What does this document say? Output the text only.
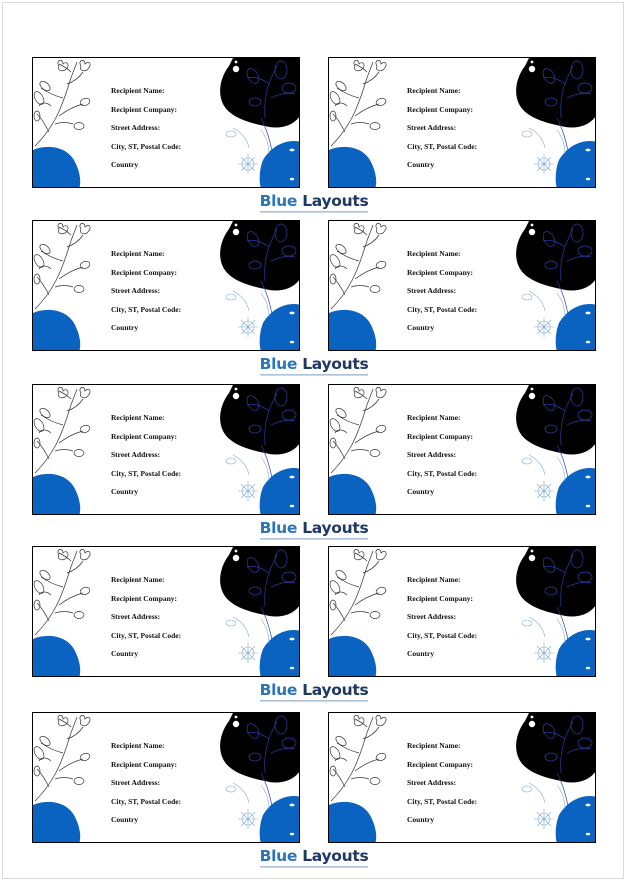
Recipient Name:
Recipient Company:
Street Address:
City, ST, Postal Code:
Country
Recipient Name:
Recipient Company:
Street Address:
City, ST, Postal Code:
Country
Blue Layouts
Recipient Name:
Recipient Company:
Street Address:
City, ST, Postal Code:
Country
Recipient Name:
Recipient Company:
Street Address:
City, ST, Postal Code:
Country
Blue Layouts
Recipient Name:
Recipient Company:
Street Address:
City, ST, Postal Code:
Country
Recipient Name:
Recipient Company:
Street Address:
City, ST, Postal Code:
Country
Blue Layouts
Recipient Name:
Recipient Company:
Street Address:
City, ST, Postal Code:
Country
Recipient Name:
Recipient Company:
Street Address:
City, ST, Postal Code:
Country
Blue Layouts
Recipient Name:
Recipient Company:
Street Address:
City, ST, Postal Code:
Country
Recipient Name:
Recipient Company:
Street Address:
City, ST, Postal Code:
Country
Blue Layouts
